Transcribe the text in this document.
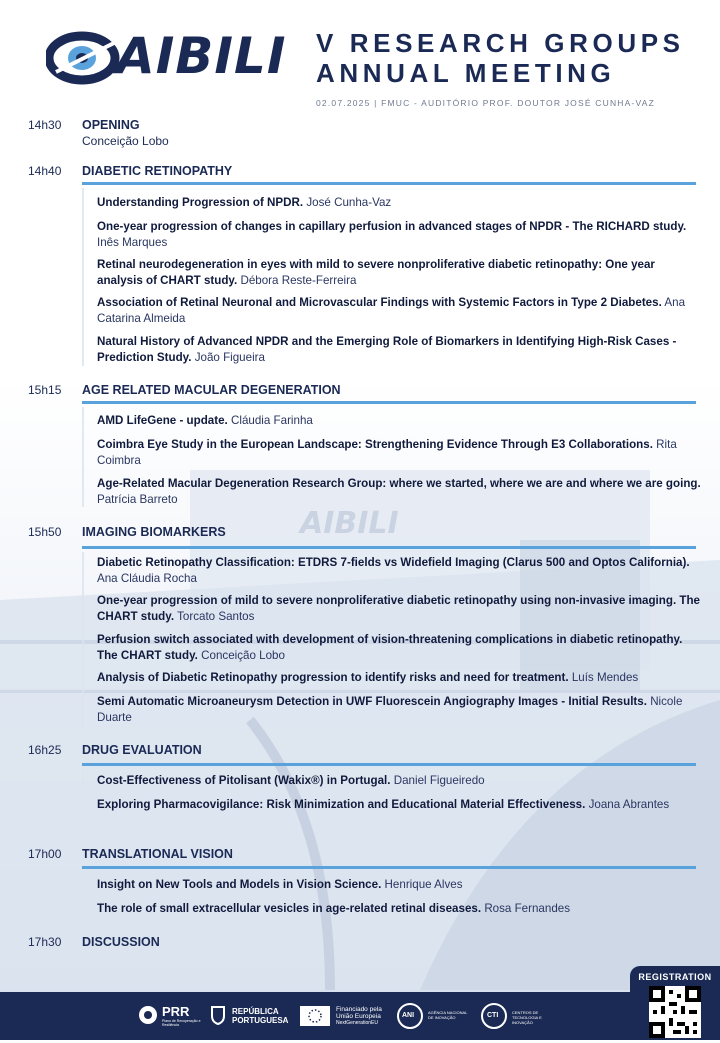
AIBILI
AIBILI V RESEARCH GROUPS
ANNUAL MEETING
02.07.2025 | FMUC - AUDITÓRIO PROF. DOUTOR JOSÉ CUNHA-VAZ
14h30 OPENING
Conceição Lobo
14h40 DIABETIC RETINOPATHY
Understanding Progression of NPDR. José Cunha-Vaz
One-year progression of changes in capillary perfusion in advanced stages of NPDR - The RICHARD study. Inês Marques
Retinal neurodegeneration in eyes with mild to severe nonproliferative diabetic retinopathy: One year analysis of CHART study. Débora Reste-Ferreira
Association of Retinal Neuronal and Microvascular Findings with Systemic Factors in Type 2 Diabetes. Ana Catarina Almeida
Natural History of Advanced NPDR and the Emerging Role of Biomarkers in Identifying High-Risk Cases - Prediction Study. João Figueira
15h15 AGE RELATED MACULAR DEGENERATION
AMD LifeGene - update. Cláudia Farinha
Coimbra Eye Study in the European Landscape: Strengthening Evidence Through E3 Collaborations. Rita Coimbra
Age-Related Macular Degeneration Research Group: where we started, where we are and where we are going. Patrícia Barreto
15h50 IMAGING BIOMARKERS
Diabetic Retinopathy Classification: ETDRS 7-fields vs Widefield Imaging (Clarus 500 and Optos California). Ana Cláudia Rocha
One-year progression of mild to severe nonproliferative diabetic retinopathy using non-invasive imaging. The CHART study. Torcato Santos
Perfusion switch associated with development of vision-threatening complications in diabetic retinopathy. The CHART study. Conceição Lobo
Analysis of Diabetic Retinopathy progression to identify risks and need for treatment. Luís Mendes
Semi Automatic Microaneurysm Detection in UWF Fluorescein Angiography Images - Initial Results. Nicole Duarte
16h25 DRUG EVALUATION
Cost-Effectiveness of Pitolisant (Wakix®) in Portugal. Daniel Figueiredo
Exploring Pharmacovigilance: Risk Minimization and Educational Material Effectiveness. Joana Abrantes
17h00 TRANSLATIONAL VISION
Insight on New Tools and Models in Vision Science. Henrique Alves
The role of small extracellular vesicles in age-related retinal diseases. Rosa Fernandes
17h30 DISCUSSION
PRR
Plano de Recuperação e Resiliência
REPÚBLICA
PORTUGUESA
Financiado pela
União Europeia
NextGenerationEU
ANI	AGÊNCIA NACIONAL DE INOVAÇÃO	CTI	CENTROS DE TECNOLOGIA E INOVAÇÃO
REGISTRATION
